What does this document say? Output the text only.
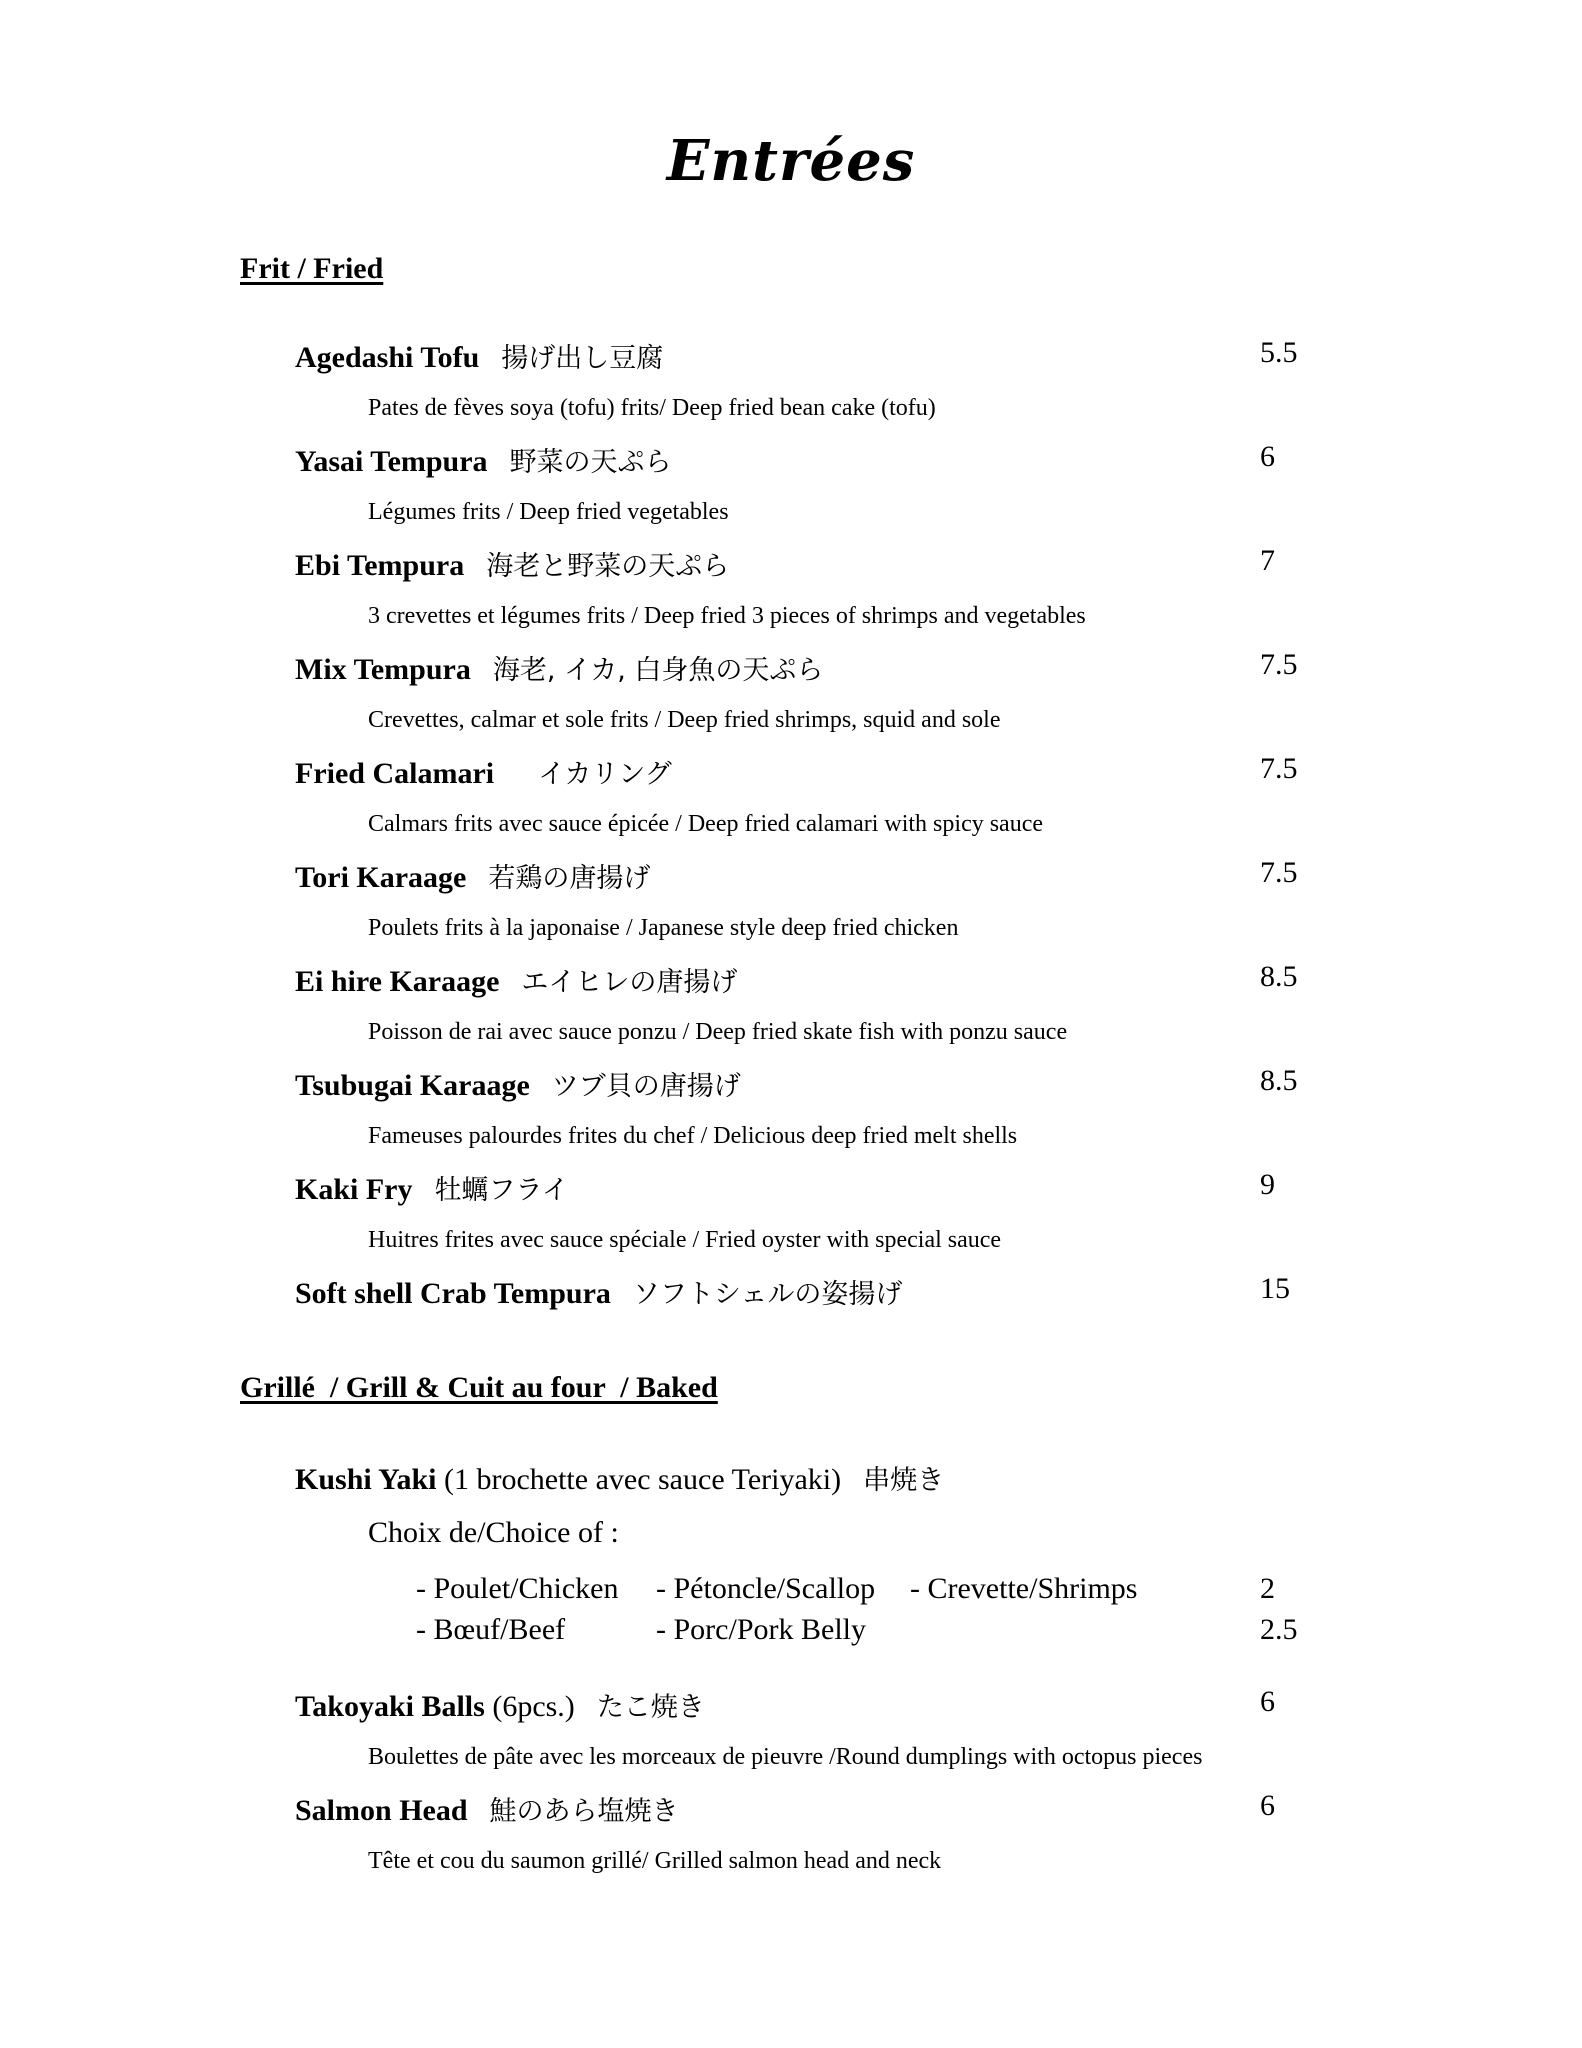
Entrées
Frit / Fried
Agedashi Tofu 揚げ出し豆腐	5.5
Pates de fèves soya (tofu) frits/ Deep fried bean cake (tofu)
Yasai Tempura 野菜の天ぷら	6
Légumes frits / Deep fried vegetables
Ebi Tempura 海老と野菜の天ぷら	7
3 crevettes et légumes frits / Deep fried 3 pieces of shrimps and vegetables
Mix Tempura 海老, イカ, 白身魚の天ぷら	7.5
Crevettes, calmar et sole frits / Deep fried shrimps, squid and sole
Fried Calamari イカリング	7.5
Calmars frits avec sauce épicée / Deep fried calamari with spicy sauce
Tori Karaage 若鶏の唐揚げ	7.5
Poulets frits à la japonaise / Japanese style deep fried chicken
Ei hire Karaage エイヒレの唐揚げ	8.5
Poisson de rai avec sauce ponzu / Deep fried skate fish with ponzu sauce
Tsubugai Karaage ツブ貝の唐揚げ	8.5
Fameuses palourdes frites du chef / Delicious deep fried melt shells
Kaki Fry 牡蠣フライ	9
Huitres frites avec sauce spéciale / Fried oyster with special sauce
Soft shell Crab Tempura ソフトシェルの姿揚げ	15
Grillé  / Grill & Cuit au four  / Baked
Kushi Yaki (1 brochette avec sauce Teriyaki) 串焼き
Choix de/Choice of :
- Poulet/Chicken - Pétoncle/Scallop - Crevette/Shrimps	2
- Bœuf/Beef	- Porc/Pork Belly	2.5
Takoyaki Balls (6pcs.) たこ焼き	6
Boulettes de pâte avec les morceaux de pieuvre /Round dumplings with octopus pieces
Salmon Head 鮭のあら塩焼き	6
Tête et cou du saumon grillé/ Grilled salmon head and neck
